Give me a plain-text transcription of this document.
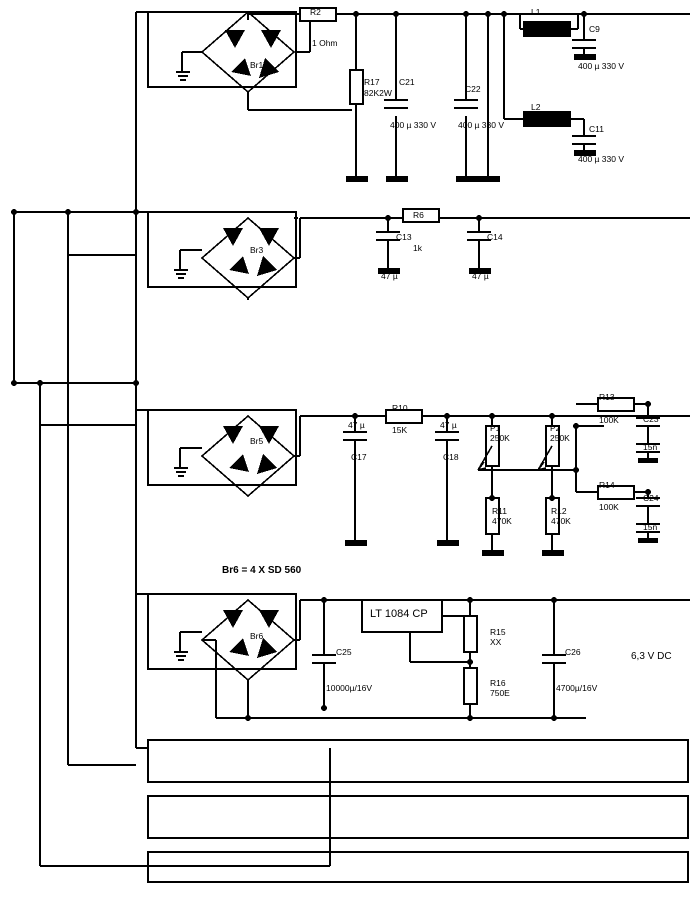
R2
1 Ohm
Br1
R17
82K2W
C21
C22
400 µ 330 V	400 µ 330 V
L1
C9
400 µ 330 V
L2
C11
400 µ 330 V
Br3
R6
1k
C13	C14
47 µ	47 µ
Br5
R10
15K
47 µ
C17
47 µ
C18
P1
250K
P2
250K
R11
470K
R12
470K
R13
100K	C23
15n
R14
100K
C24
15n
Br6 = 4 X SD 560
Br6
LT 1084 CP
C25
10000µ/16V
R15
XX
R16
750E
C26
4700µ/16V
6,3 V DC
